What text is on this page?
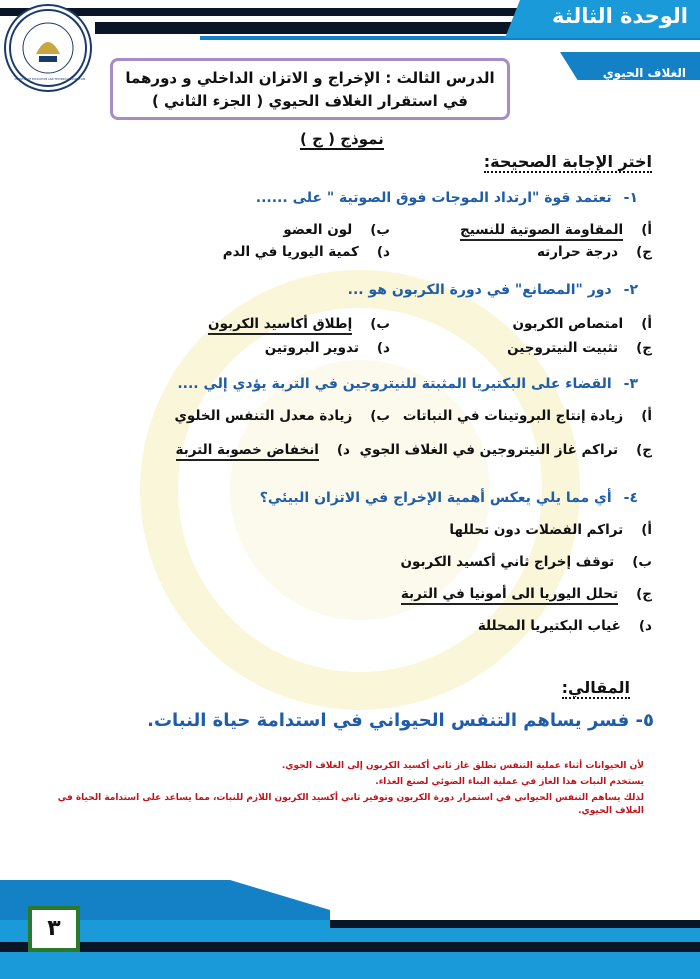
الوحدة الثالثة
الغلاف الحيوي
MINISTRY OF EDUCATION AND TECHNICAL EDUCATION	الدرس الثالث : الإخراج و الاتزان الداخلي و دورهما
في استقرار الغلاف الحيوي ( الجزء الثاني )
نموذج ( ج )
اختر الإجابة الصحيحة:
١-تعتمد قوة "ارتداد الموجات فوق الصوتية " على ......
أ)المقاومة الصوتية للنسيج
ب)لون العضو
ج)درجة حرارته
د)كمية اليوريا في الدم
٢-دور "المصانع" في دورة الكربون هو ...
أ)امتصاص الكربون
ب)إطلاق أكاسيد الكربون
ج)تثبيت النيتروجين
د)تدوير البروتين
٣-القضاء على البكتيريا المثبتة للنيتروجين في التربة يؤدي إلي ....
أ)زيادة إنتاج البروتينات في النباتات
ب)زيادة معدل التنفس الخلوي
ج)تراكم غاز النيتروجين في الغلاف الجوي
د)انخفاض خصوبة التربة
٤-أي مما يلي يعكس أهمية الإخراج في الاتزان البيئي؟
أ)تراكم الفضلات دون تحللها
ب)توقف إخراج ثاني أكسيد الكربون
ج)تحلل اليوريا الى أمونيا في التربة
د)غياب البكتيريا المحللة
المقالي:
٥- فسر يساهم التنفس الحيواني في استدامة حياة النبات.
لأن الحيوانات أثناء عملية التنفس تطلق غاز ثاني أكسيد الكربون إلى الغلاف الجوي.
يستخدم النبات هذا الغاز في عملية البناء الضوئي لصنع الغذاء.
لذلك يساهم التنفس الحيواني في استمرار دورة الكربون وتوفير ثاني أكسيد الكربون اللازم للنبات، مما يساعد على استدامة الحياة في الغلاف الحيوي.
٣
